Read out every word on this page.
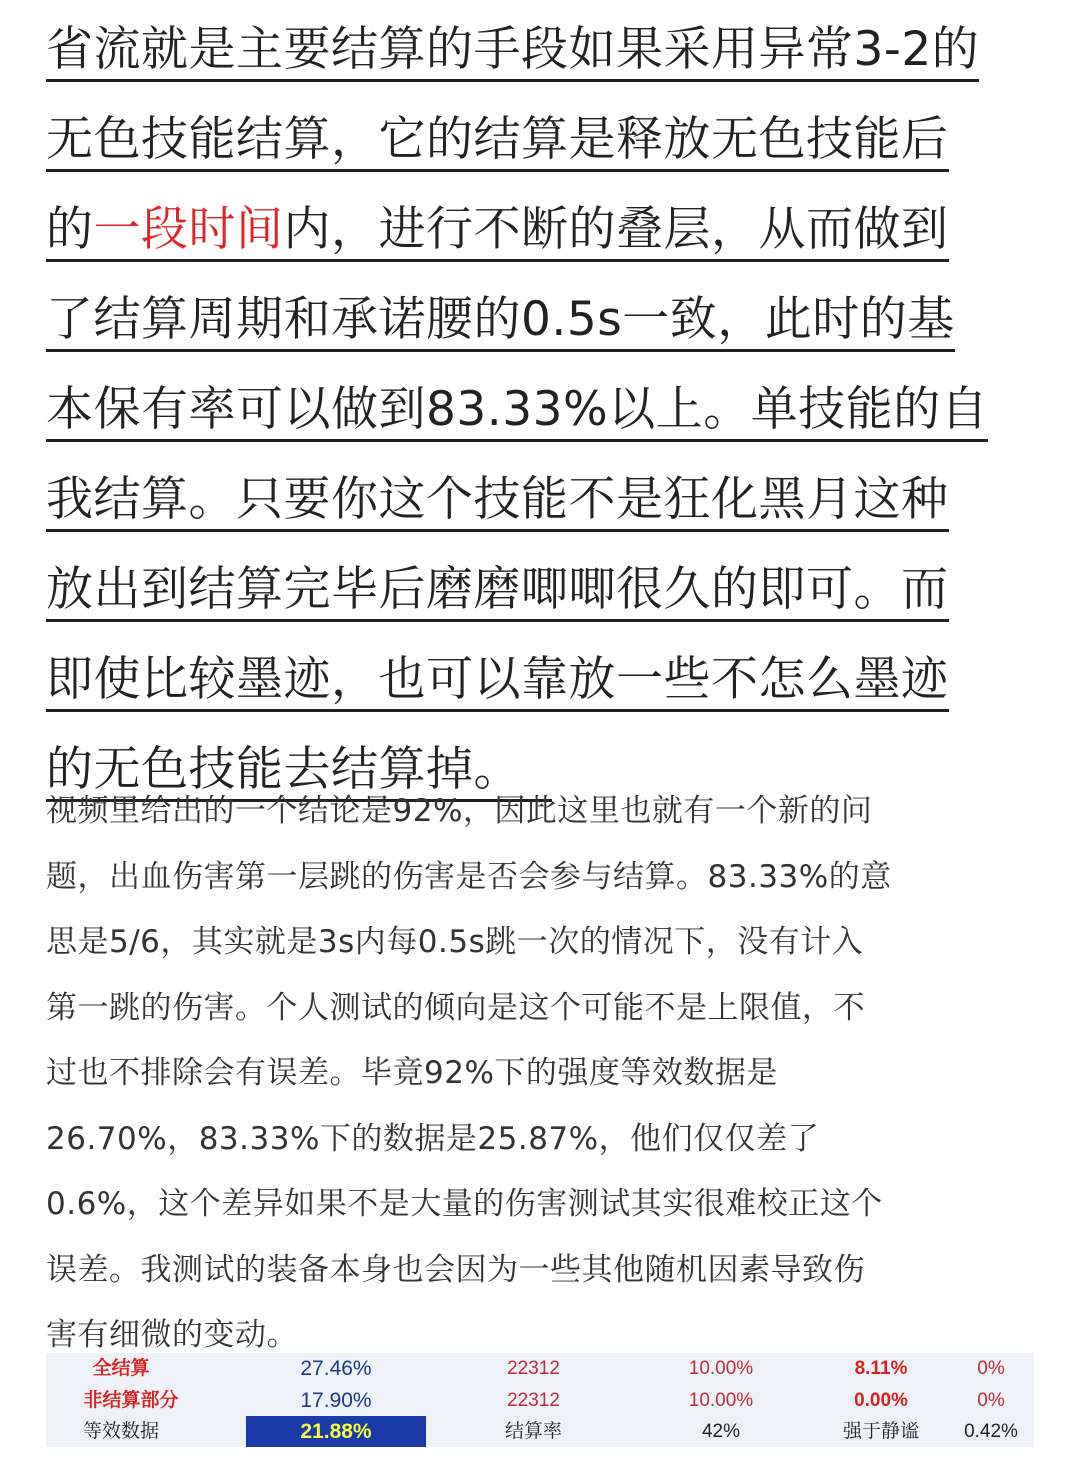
省流就是主要结算的手段如果采用异常3-2的
无色技能结算，它的结算是释放无色技能后
的一段时间内，进行不断的叠层，从而做到
了结算周期和承诺腰的0.5s一致，此时的基
本保有率可以做到83.33%以上。单技能的自
我结算。只要你这个技能不是狂化黑月这种
放出到结算完毕后磨磨唧唧很久的即可。而
即使比较墨迹，也可以靠放一些不怎么墨迹
的无色技能去结算掉。
视频里给出的一个结论是92%，因此这里也就有一个新的问
题，出血伤害第一层跳的伤害是否会参与结算。83.33%的意
思是5/6，其实就是3s内每0.5s跳一次的情况下，没有计入
第一跳的伤害。个人测试的倾向是这个可能不是上限值，不
过也不排除会有误差。毕竟92%下的强度等效数据是
26.70%，83.33%下的数据是25.87%，他们仅仅差了
0.6%，这个差异如果不是大量的伤害测试其实很难校正这个
误差。我测试的装备本身也会因为一些其他随机因素导致伤
害有细微的变动。
全结算	27.46%	22312	10.00%	8.11%	0%
非结算部分	17.90%	22312	10.00%	0.00%	0%
等效数据	21.88%	结算率	42%	强于静谧	0.42%
